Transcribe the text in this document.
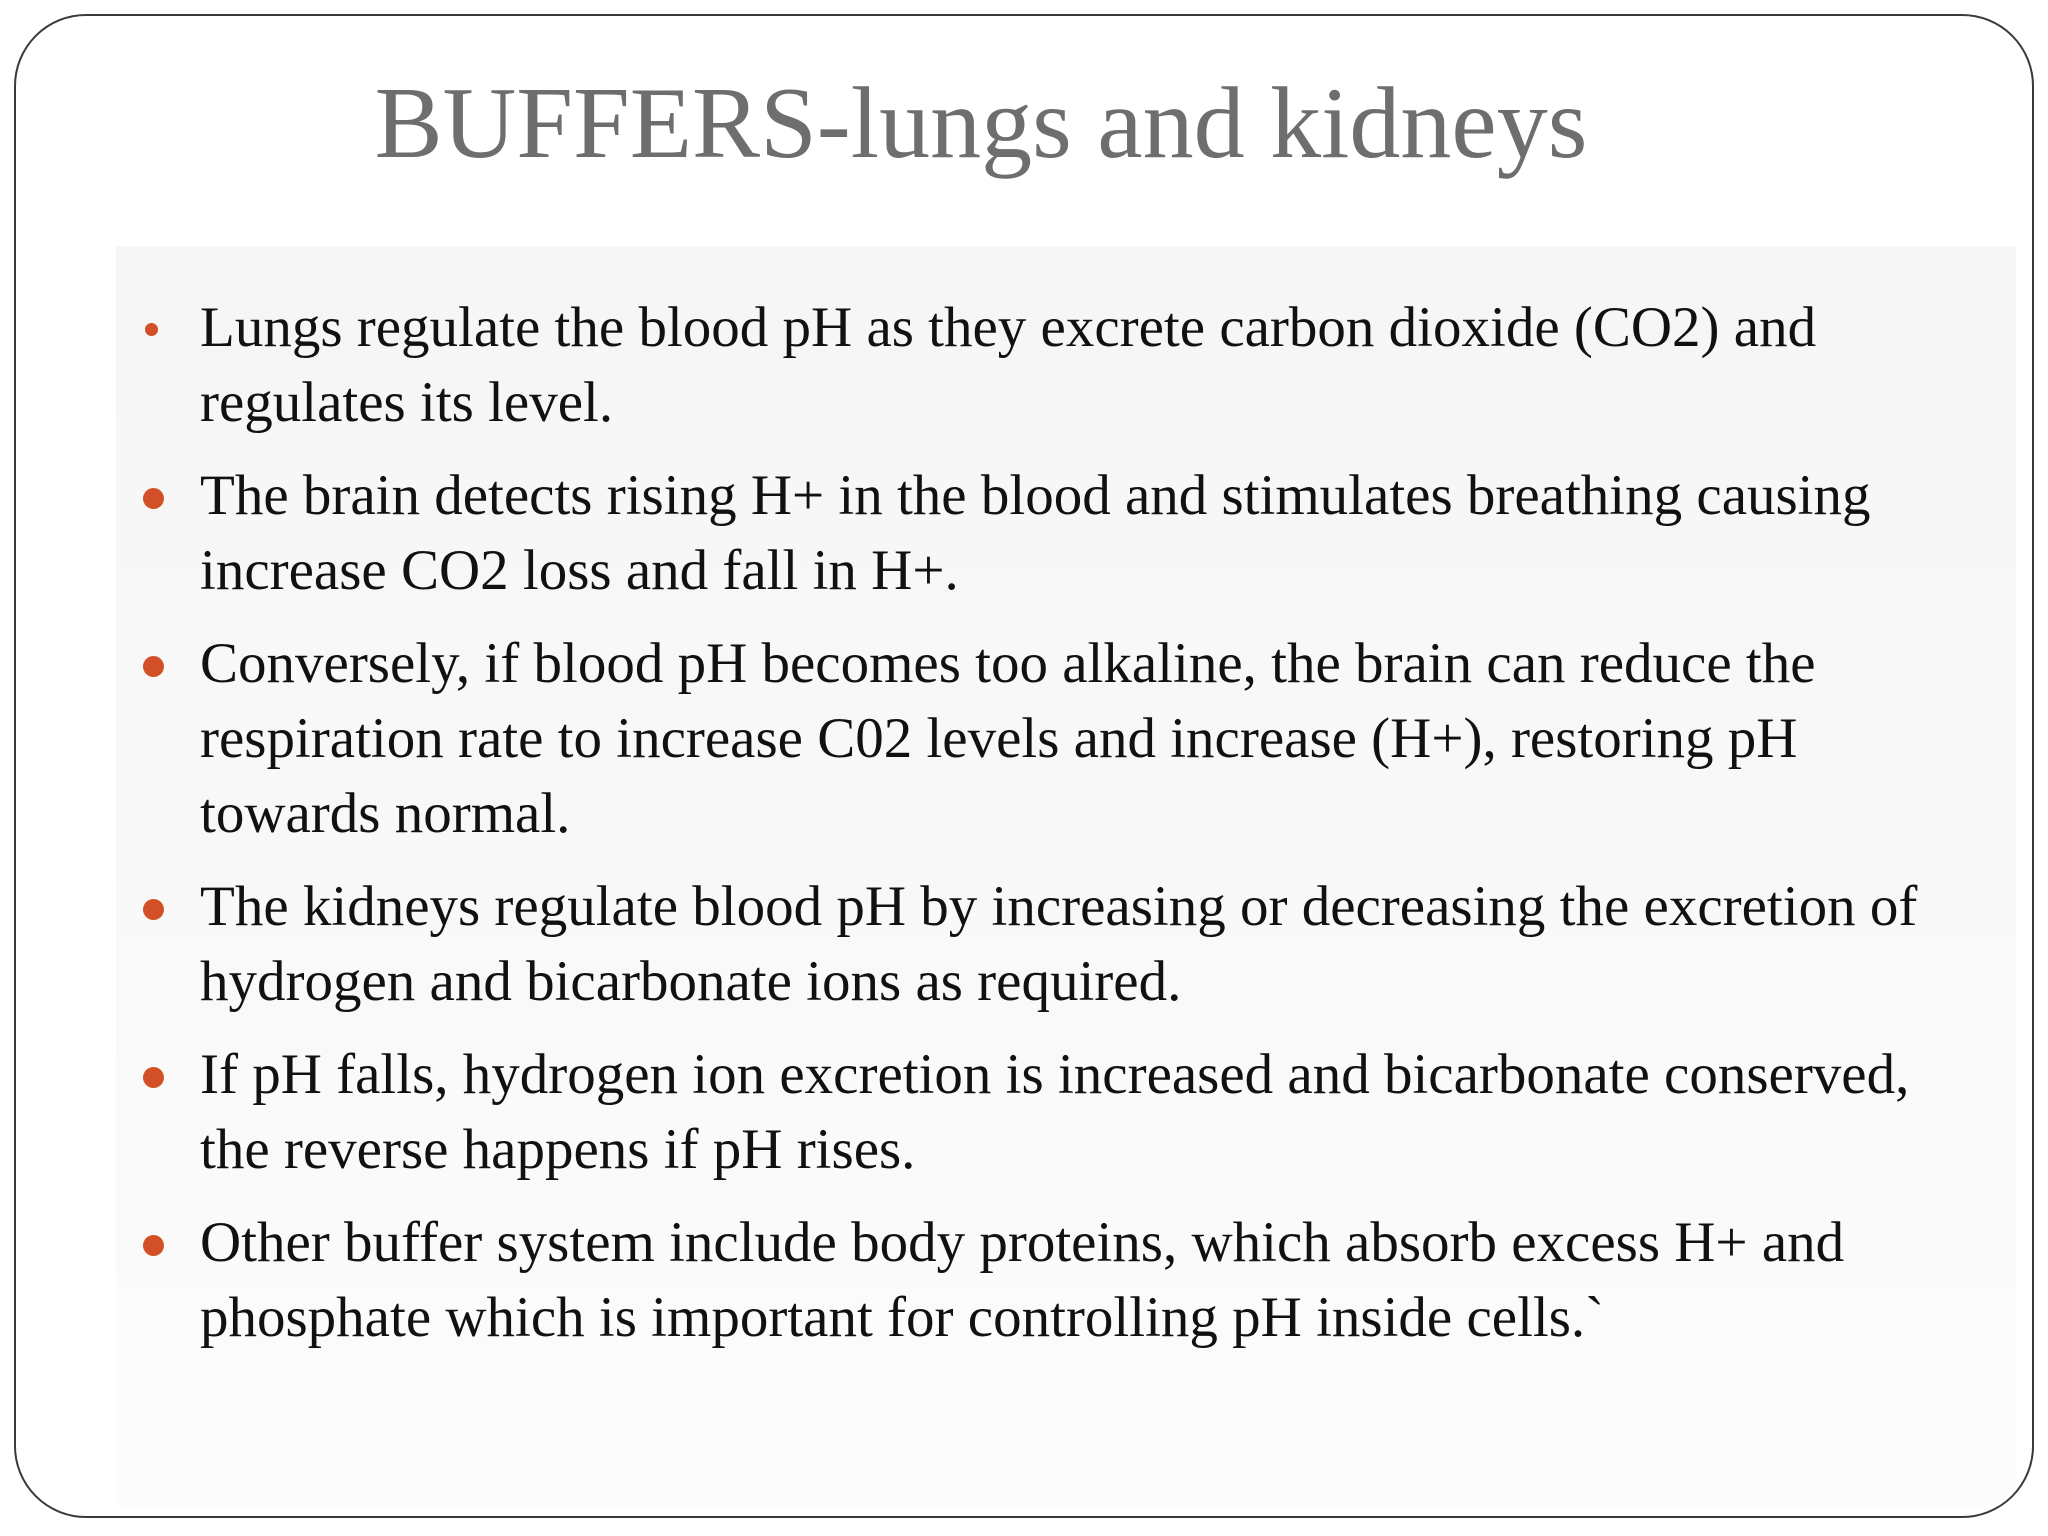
BUFFERS-lungs and kidneys
Lungs regulate the blood pH as they excrete carbon dioxide (CO2) and regulates its level.
The brain detects rising H+ in the blood and stimulates breathing causing increase CO2 loss and fall in H+.
Conversely, if blood pH becomes too alkaline, the brain can reduce the respiration rate to increase C02 levels and increase (H+), restoring pH towards normal.
The kidneys regulate blood pH by increasing or decreasing the excretion of hydrogen and bicarbonate ions as required.
If pH falls, hydrogen ion excretion is increased and bicarbonate conserved, the reverse happens if pH rises.
Other buffer system include body proteins, which absorb excess H+ and phosphate which is important for controlling pH inside cells.`
